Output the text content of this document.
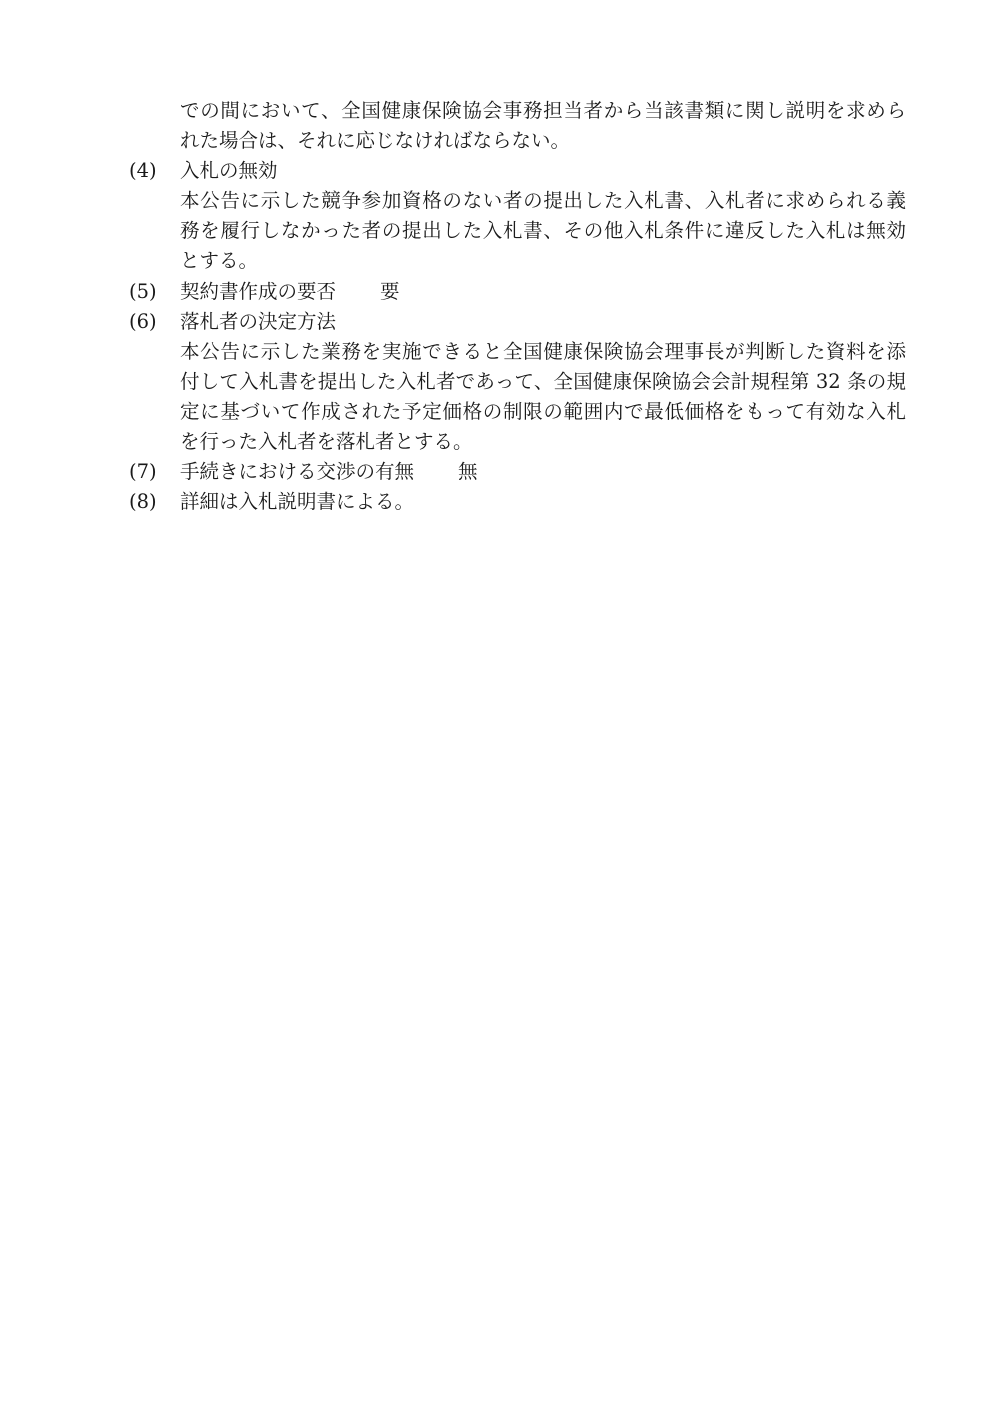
での間において、全国健康保険協会事務担当者から当該書類に関し説明を求めら
れた場合は、それに応じなければならない。
(4)	入札の無効
本公告に示した競争参加資格のない者の提出した入札書、入札者に求められる義
務を履行しなかった者の提出した入札書、その他入札条件に違反した入札は無効
とする。
(5)	契約書作成の要否 要
(6)	落札者の決定方法
本公告に示した業務を実施できると全国健康保険協会理事長が判断した資料を添
付して入札書を提出した入札者であって、全国健康保険協会会計規程第 32 条の規
定に基づいて作成された予定価格の制限の範囲内で最低価格をもって有効な入札
を行った入札者を落札者とする。
(7)	手続きにおける交渉の有無 無
(8)	詳細は入札説明書による。
